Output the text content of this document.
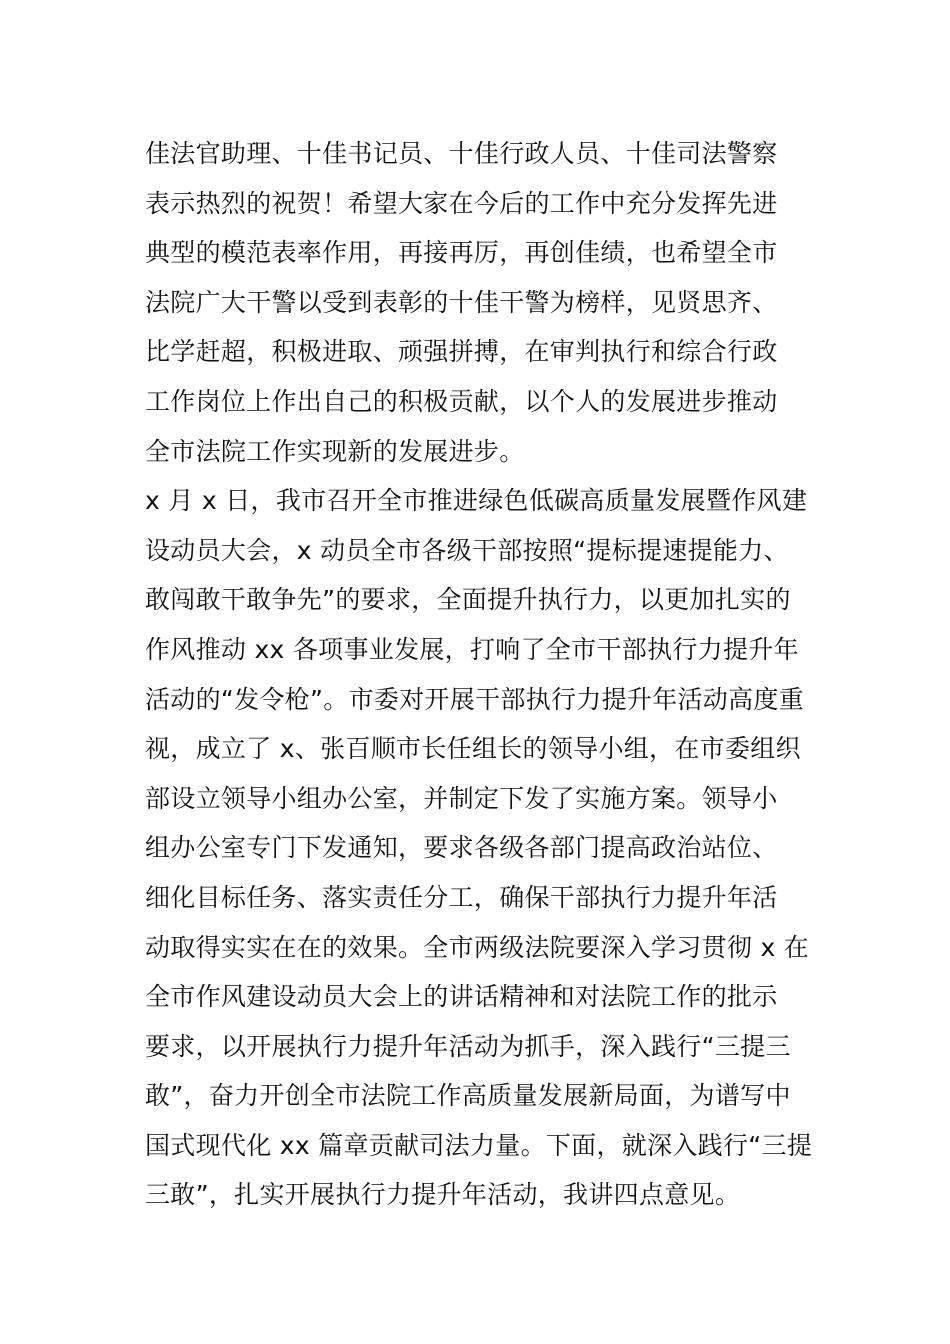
佳法官助理、十佳书记员、十佳行政人员、十佳司法警察
表示热烈的祝贺！希望大家在今后的工作中充分发挥先进
典型的模范表率作用，再接再厉，再创佳绩，也希望全市
法院广大干警以受到表彰的十佳干警为榜样，见贤思齐、
比学赶超，积极进取、顽强拼搏，在审判执行和综合行政
工作岗位上作出自己的积极贡献，以个人的发展进步推动
全市法院工作实现新的发展进步。
x 月 x 日，我市召开全市推进绿色低碳高质量发展暨作风建
设动员大会，x 动员全市各级干部按照“提标提速提能力、
敢闯敢干敢争先”的要求，全面提升执行力，以更加扎实的
作风推动 xx 各项事业发展，打响了全市干部执行力提升年
活动的“发令枪”。市委对开展干部执行力提升年活动高度重
视，成立了 x、张百顺市长任组长的领导小组，在市委组织
部设立领导小组办公室，并制定下发了实施方案。领导小
组办公室专门下发通知，要求各级各部门提高政治站位、
细化目标任务、落实责任分工，确保干部执行力提升年活
动取得实实在在的效果。全市两级法院要深入学习贯彻 x 在
全市作风建设动员大会上的讲话精神和对法院工作的批示
要求，以开展执行力提升年活动为抓手，深入践行“三提三
敢”，奋力开创全市法院工作高质量发展新局面，为谱写中
国式现代化 xx 篇章贡献司法力量。下面，就深入践行“三提
三敢”，扎实开展执行力提升年活动，我讲四点意见。
